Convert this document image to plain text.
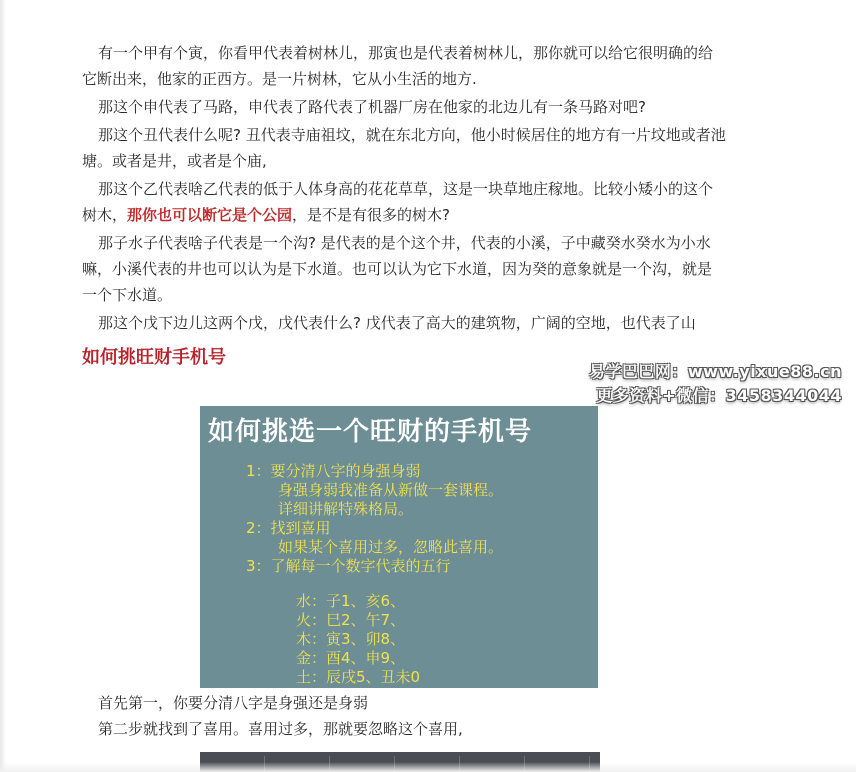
有一个甲有个寅，你看甲代表着树林儿，那寅也是代表着树林儿，那你就可以给它很明确的给它断出来，他家的正西方。是一片树林，它从小生活的地方.

那这个申代表了马路，申代表了路代表了机器厂房在他家的北边儿有一条马路对吧?

那这个丑代表什么呢? 丑代表寺庙祖坟，就在东北方向，他小时候居住的地方有一片坟地或者池塘。或者是井，或者是个庙,

那这个乙代表啥乙代表的低于人体身高的花花草草，这是一块草地庄稼地。比较小矮小的这个树木，那你也可以断它是个公园，是不是有很多的树木?

那子水子代表啥子代表是一个沟? 是代表的是个这个井，代表的小溪，子中藏癸水癸水为小水嘛，小溪代表的井也可以认为是下水道。也可以认为它下水道，因为癸的意象就是一个沟，就是一个下水道。

那这个戊下边儿这两个戊，戊代表什么? 戊代表了高大的建筑物，广阔的空地，也代表了山

如何挑旺财手机号
易学巴巴网：www.yixue88.cn
更多资料+微信：3458344044
如何挑选一个旺财的手机号
1：要分清八字的身强身弱
身强身弱我准备从新做一套课程。
详细讲解特殊格局。
2：找到喜用
如果某个喜用过多，忽略此喜用。
3：了解每一个数字代表的五行
水：子1、亥6、
火：巳2、午7、
木：寅3、卯8、
金：酉4、申9、
土：辰戌5、丑未0

首先第一，你要分清八字是身强还是身弱

第二步就找到了喜用。喜用过多，那就要忽略这个喜用,
